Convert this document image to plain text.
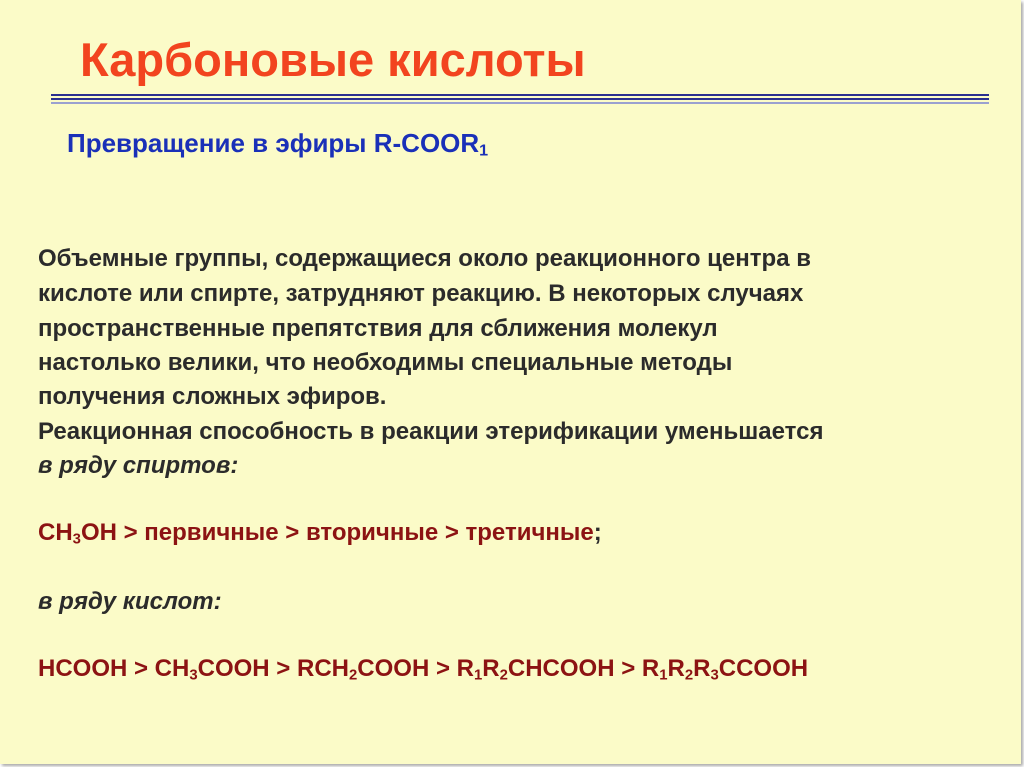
Карбоновые кислоты
Превращение в эфиры $R-COOR_1$
Объемные группы, содержащиеся около реакционного центра в
кислоте или спирте, затрудняют реакцию. В некоторых случаях
пространственные препятствия для сближения молекул
настолько велики, что необходимы специальные методы
получения сложных эфиров.
Реакционная способность в реакции этерификации уменьшается
в ряду спиртов:
$CH_3OH$ > первичные > вторичные > третичные;
в ряду кислот:
HCOOH > $CH_3COOH$ > $RCH_2COOH$ > $R_1R_2CHCOOH$ > $R_1R_2R_3CCOOH$
